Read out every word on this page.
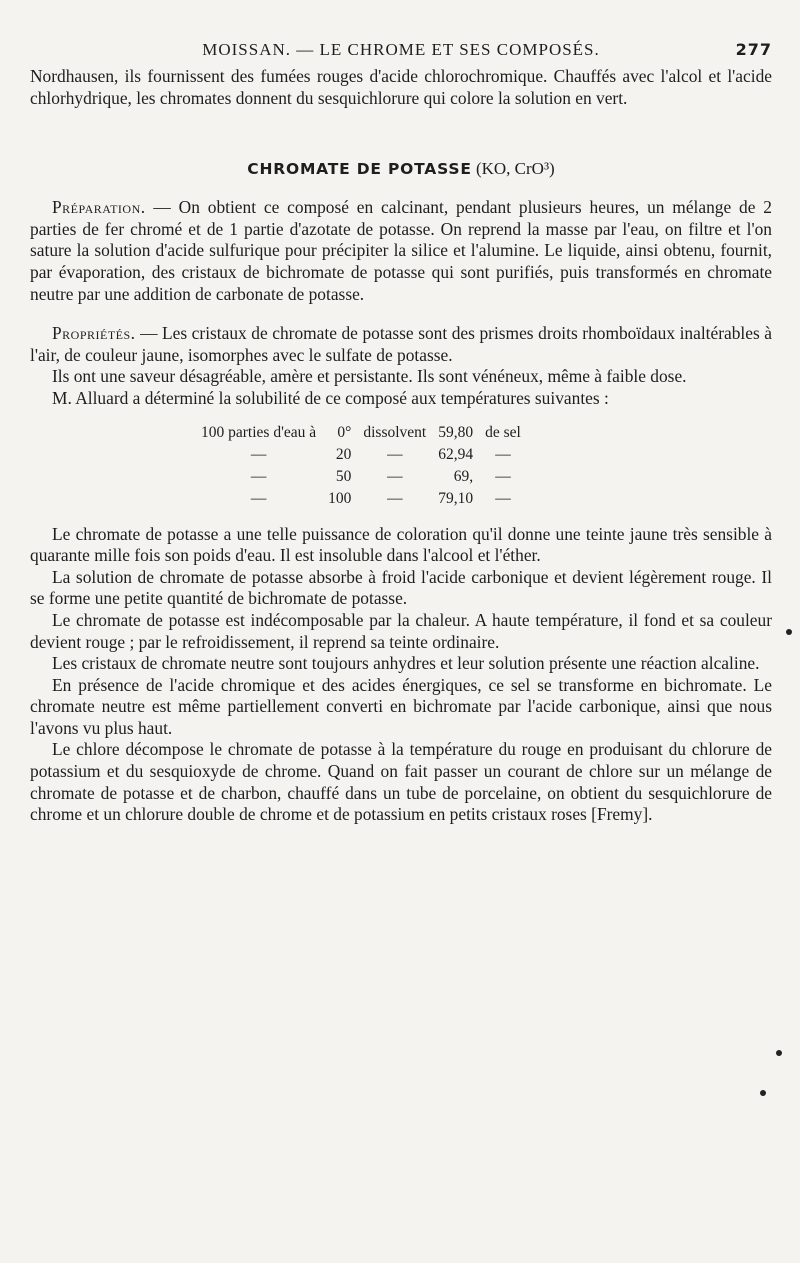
MOISSAN. — LE CHROME ET SES COMPOSÉS.	277

Nordhausen, ils fournissent des fumées rouges d'acide chlorochromique. Chauffés avec l'alcol et l'acide chlorhydrique, les chromates donnent du sesquichlorure qui colore la solution en vert.

CHROMATE DE POTASSE (KO, CrO³)

Préparation. — On obtient ce composé en calcinant, pendant plusieurs heures, un mélange de 2 parties de fer chromé et de 1 partie d'azotate de potasse. On reprend la masse par l'eau, on filtre et l'on sature la solution d'acide sulfurique pour précipiter la silice et l'alumine. Le liquide, ainsi obtenu, fournit, par évaporation, des cristaux de bichromate de potasse qui sont purifiés, puis transformés en chromate neutre par une addition de carbonate de potasse.

Propriétés. — Les cristaux de chromate de potasse sont des prismes droits rhomboïdaux inaltérables à l'air, de couleur jaune, isomorphes avec le sulfate de potasse.

Ils ont une saveur désagréable, amère et persistante. Ils sont vénéneux, même à faible dose.

M. Alluard a déterminé la solubilité de ce composé aux températures suivantes :

100 parties d'eau à	0°	dissolvent	59,80	de sel
—	20	—	62,94	—
—	50	—	69,	—
—	100	—	79,10	—

Le chromate de potasse a une telle puissance de coloration qu'il donne une teinte jaune très sensible à quarante mille fois son poids d'eau. Il est insoluble dans l'alcool et l'éther.

La solution de chromate de potasse absorbe à froid l'acide carbonique et devient légèrement rouge. Il se forme une petite quantité de bichromate de potasse.

Le chromate de potasse est indécomposable par la chaleur. A haute température, il fond et sa couleur devient rouge ; par le refroidissement, il reprend sa teinte ordinaire.

Les cristaux de chromate neutre sont toujours anhydres et leur solution présente une réaction alcaline.

En présence de l'acide chromique et des acides énergiques, ce sel se transforme en bichromate. Le chromate neutre est même partiellement converti en bichromate par l'acide carbonique, ainsi que nous l'avons vu plus haut.

Le chlore décompose le chromate de potasse à la température du rouge en produisant du chlorure de potassium et du sesquioxyde de chrome. Quand on fait passer un courant de chlore sur un mélange de chromate de potasse et de charbon, chauffé dans un tube de porcelaine, on obtient du sesquichlorure de chrome et un chlorure double de chrome et de potassium en petits cristaux roses [Fremy].
